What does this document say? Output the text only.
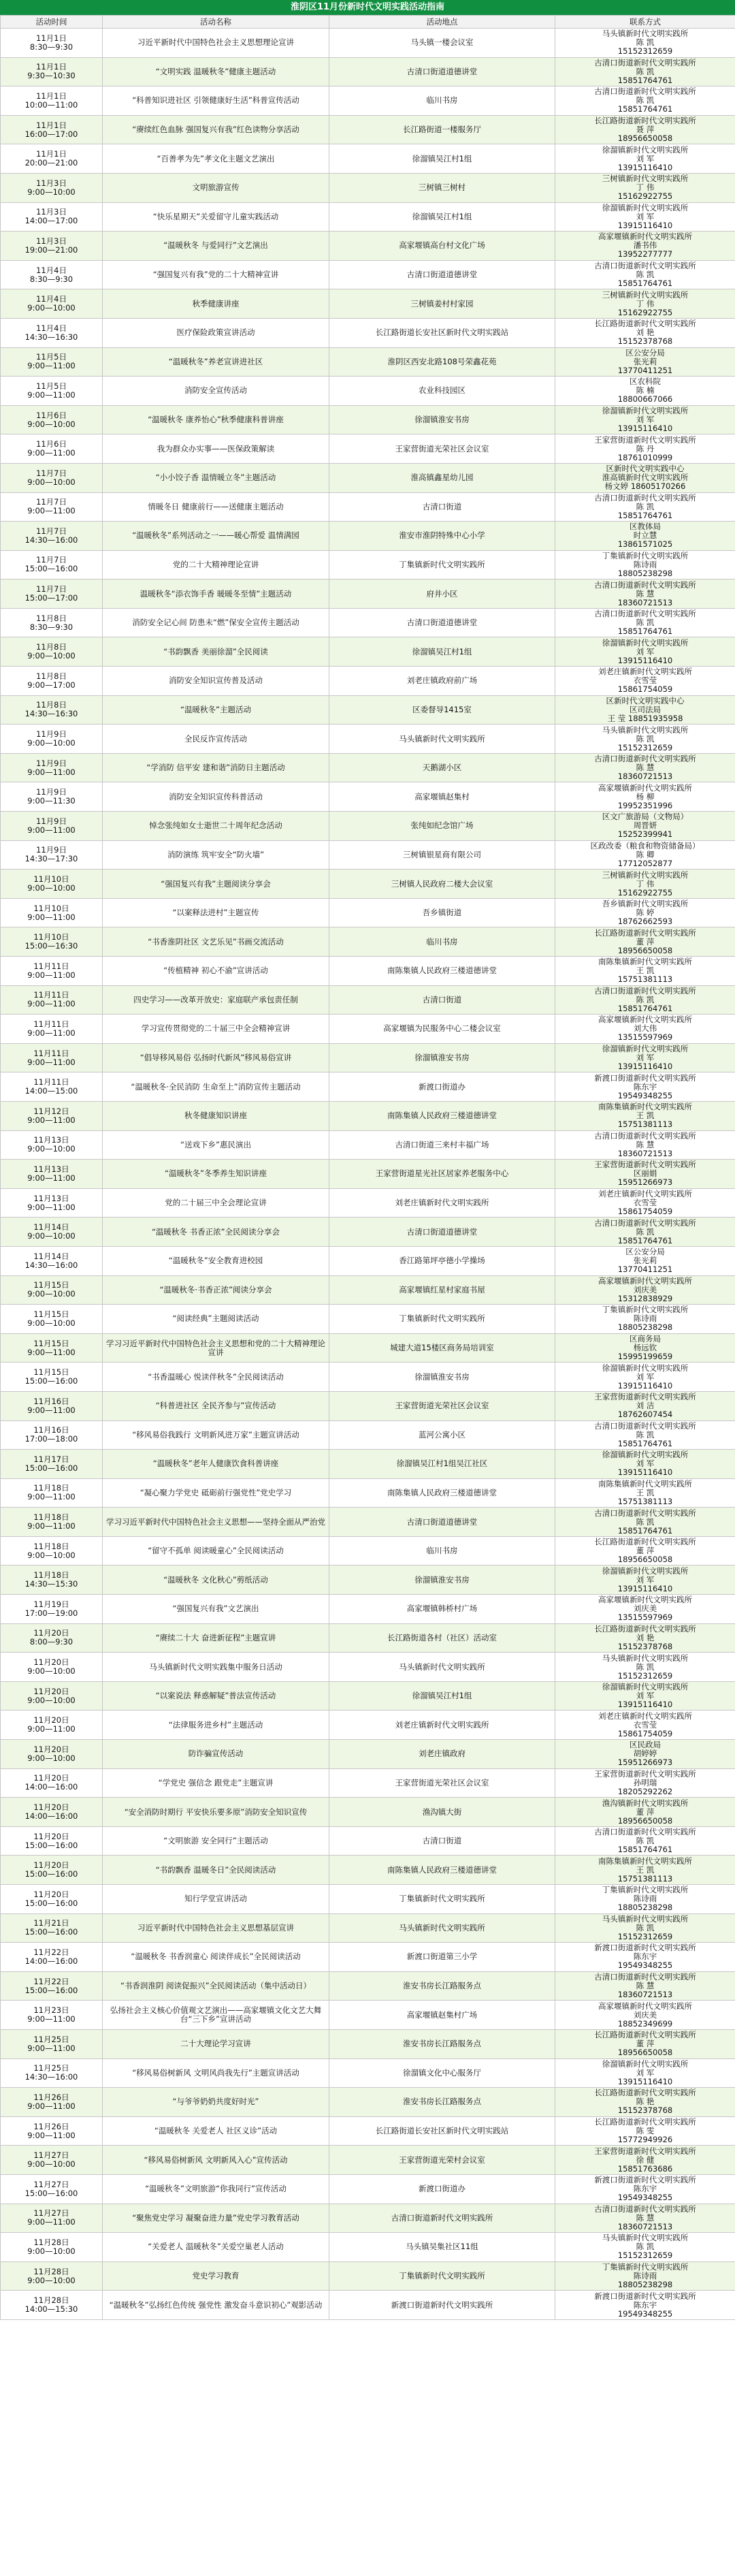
淮阴区11月份新时代文明实践活动指南
活动时间	活动名称	活动地点	联系方式

11月1日
8:30—9:30	习近平新时代中国特色社会主义思想理论宣讲	马头镇一楼会议室	马头镇新时代文明实践所
陈 凯
15152312659

11月1日
9:30—10:30	“文明实践 温暖秋冬”健康主题活动	古清口街道道德讲堂	古清口街道新时代文明实践所
陈 凯
15851764761

11月1日
10:00—11:00	“科普知识进社区 引领健康好生活”科普宣传活动	临川书房	古清口街道新时代文明实践所
陈 凯
15851764761

11月1日
16:00—17:00	“赓续红色血脉 强国复兴有我”红色读物分享活动	长江路街道一楼服务厅	长江路街道新时代文明实践所
聂 萍
18956650058

11月1日
20:00—21:00	“百善孝为先”孝文化主题文艺演出	徐溜镇吴江村1组	徐溜镇新时代文明实践所
刘 军
13915116410

11月3日
9:00—10:00	文明旅游宣传	三树镇三树村	三树镇新时代文明实践所
丁 伟
15162922755

11月3日
14:00—17:00	“快乐星期天”关爱留守儿童实践活动	徐溜镇吴江村1组	徐溜镇新时代文明实践所
刘 军
13915116410

11月3日
19:00—21:00	“温暖秋冬 与爱同行”文艺演出	高家堰镇高台村文化广场	高家堰镇新时代文明实践所
潘书伟
13952277777

11月4日
8:30—9:30	“强国复兴有我”党的二十大精神宣讲	古清口街道道德讲堂	古清口街道新时代文明实践所
陈 凯
15851764761

11月4日
9:00—10:00	秋季健康讲座	三树镇姜村村家园	三树镇新时代文明实践所
丁 伟
15162922755

11月4日
14:30—16:30	医疗保险政策宣讲活动	长江路街道长安社区新时代文明实践站	长江路街道新时代文明实践所
刘 艳
15152378768

11月5日
9:00—11:00	“温暖秋冬”养老宣讲进社区	淮阴区西安北路108号荣鑫花苑	区公安分局
张光莉
13770411251

11月5日
9:00—11:00	消防安全宣传活动	农业科技园区	区农科院
陈 楠
18800667066

11月6日
9:00—10:00	“温暖秋冬 康养怡心”秋季健康科普讲座	徐溜镇淮安书房	徐溜镇新时代文明实践所
刘 军
13915116410

11月6日
9:00—11:00	我为群众办实事——医保政策解读	王家营街道光荣社区会议室	王家营街道新时代文明实践所
陈 丹
18761010999

11月7日
9:00—10:00	“小小饺子香 温情暖立冬”主题活动	淮高镇鑫星幼儿园	区新时代文明实践中心
淮高镇新时代文明实践所
杨文婷 18605170266

11月7日
9:00—11:00	情暖冬日 健康前行——送健康主题活动	古清口街道	古清口街道新时代文明实践所
陈 凯
15851764761

11月7日
14:30—16:00	“温暖秋冬”系列活动之一——暖心帮爱 温情满园	淮安市淮阴特殊中心小学	区教体局
时立慧
13861571025

11月7日
15:00—16:00	党的二十大精神理论宣讲	丁集镇新时代文明实践所	丁集镇新时代文明实践所
陈诗雨
18805238298

11月7日
15:00—17:00	温暖秋冬“添衣饰手香 暖暖冬至情”主题活动	府井小区	古清口街道新时代文明实践所
陈 慧
18360721513

11月8日
8:30—9:30	消防安全记心间 防患未“燃”保安全宣传主题活动	古清口街道道德讲堂	古清口街道新时代文明实践所
陈 凯
15851764761

11月8日
9:00—10:00	“书韵飘香 美丽徐溜”全民阅读	徐溜镇吴江村1组	徐溜镇新时代文明实践所
刘 军
13915116410

11月8日
9:00—17:00	消防安全知识宣传普及活动	刘老庄镇政府前广场	刘老庄镇新时代文明实践所
衣雪莹
15861754059

11月8日
14:30—16:30	“温暖秋冬”主题活动	区委督导1415室	区新时代文明实践中心
区司法局
王 莹 18851935958

11月9日
9:00—10:00	全民反诈宣传活动	马头镇新时代文明实践所	马头镇新时代文明实践所
陈 凯
15152312659

11月9日
9:00—11:00	“学消防 信平安 建和谐”消防日主题活动	天鹅湖小区	古清口街道新时代文明实践所
陈 慧
18360721513

11月9日
9:00—11:30	消防安全知识宣传科普活动	高家堰镇赵集村	高家堰镇新时代文明实践所
杨 柳
19952351996

11月9日
9:00—11:00	悼念张纯如女士逝世二十周年纪念活动	张纯如纪念馆广场	区文广旅游局（文物局）
周晋妍
15252399941

11月9日
14:30—17:30	消防演练 筑牢安全“防火墙”	三树镇银星商有限公司	区政改委（粮食和物资储备局）
陈 卿
17712052877

11月10日
9:00—10:00	“强国复兴有我”主题阅读分享会	三树镇人民政府二楼大会议室	三树镇新时代文明实践所
丁 伟
15162922755

11月10日
9:00—11:00	“以案释法进村”主题宣传	吾乡镇街道	吾乡镇新时代文明实践所
陈 婷
18762662593

11月10日
15:00—16:30	“书香淮阴社区 文艺乐见”书画交流活动	临川书房	长江路街道新时代文明实践所
董 萍
18956650058

11月11日
9:00—11:00	“传植精神 初心不渝”宣讲活动	南陈集镇人民政府三楼道德讲堂	南陈集镇新时代文明实践所
王 凯
15751381113

11月11日
9:00—11:00	四史学习——改革开放史：家庭联产承包责任制	古清口街道	古清口街道新时代文明实践所
陈 凯
15851764761

11月11日
9:00—11:00	学习宣传贯彻党的二十届三中全会精神宣讲	高家堰镇为民服务中心二楼会议室	高家堰镇新时代文明实践所
刘大伟
13515597969

11月11日
9:00—11:00	“倡导移风易俗 弘扬时代新风”移风易俗宣讲	徐溜镇淮安书房	徐溜镇新时代文明实践所
刘 军
13915116410

11月11日
14:00—15:00	“温暖秋冬·全民消防 生命至上”消防宣传主题活动	新渡口街道办	新渡口街道新时代文明实践所
陈东宇
19549348255

11月12日
9:00—11:00	秋冬健康知识讲座	南陈集镇人民政府三楼道德讲堂	南陈集镇新时代文明实践所
王 凯
15751381113

11月13日
9:00—10:00	“送戏下乡”惠民演出	古清口街道三来村丰福广场	古清口街道新时代文明实践所
陈 慧
18360721513

11月13日
9:00—11:00	“温暖秋冬”冬季养生知识讲座	王家营街道星光社区居家养老服务中心	王家营街道新时代文明实践所
区丽娟
15951266973

11月13日
9:00—11:00	党的二十届三中全会理论宣讲	刘老庄镇新时代文明实践所	刘老庄镇新时代文明实践所
衣雪莹
15861754059

11月14日
9:00—10:00	“温暖秋冬 书香正浓”全民阅读分享会	古清口街道道德讲堂	古清口街道新时代文明实践所
陈 凯
15851764761

11月14日
14:30—16:00	“温暖秋冬”安全教育进校园	香江路第坪亭德小学操场	区公安分局
张光莉
13770411251

11月15日
9:00—10:00	“温暖秋冬·书香正浓”阅读分享会	高家堰镇红星村家庭书屋	高家堰镇新时代文明实践所
刘庆美
15312838929

11月15日
9:00—10:00	“阅读经典”主题阅读活动	丁集镇新时代文明实践所	丁集镇新时代文明实践所
陈诗雨
18805238298

11月15日
9:00—11:00	学习习近平新时代中国特色社会主义思想和党的二十大精神理论宣讲	城建大道15楼区商务局培训室	区商务局
杨远钦
15995199659

11月15日
15:00—16:00	“书香温暖心 悦读伴秋冬”全民阅读活动	徐溜镇淮安书房	徐溜镇新时代文明实践所
刘 军
13915116410

11月16日
9:00—11:00	“科普进社区 全民齐参与”宣传活动	王家营街道光荣社区会议室	王家营街道新时代文明实践所
刘 洁
18762607454

11月16日
17:00—18:00	“移风易俗我践行 文明新风进万家”主题宣讲活动	蓝河公寓小区	古清口街道新时代文明实践所
陈 凯
15851764761

11月17日
15:00—16:00	“温暖秋冬”老年人健康饮食科普讲座	徐溜镇吴江村1组吴江社区	徐溜镇新时代文明实践所
刘 军
13915116410

11月18日
9:00—11:00	“凝心聚力学党史 砥砺前行强党性”党史学习	南陈集镇人民政府三楼道德讲堂	南陈集镇新时代文明实践所
王 凯
15751381113

11月18日
9:00—11:00	学习习近平新时代中国特色社会主义思想——坚持全面从严治党	古清口街道道德讲堂	古清口街道新时代文明实践所
陈 凯
15851764761

11月18日
9:00—10:00	“留守不孤单 阅读暖童心”全民阅读活动	临川书房	长江路街道新时代文明实践所
董 萍
18956650058

11月18日
14:30—15:30	“温暖秋冬 文化秋心”剪纸活动	徐溜镇淮安书房	徐溜镇新时代文明实践所
刘 军
13915116410

11月19日
17:00—19:00	“强国复兴有我”文艺演出	高家堰镇韩桥村广场	高家堰镇新时代文明实践所
刘庆美
13515597969

11月20日
8:00—9:30	“赓续二十大 奋进新征程”主题宣讲	长江路街道各村（社区）活动室	长江路街道新时代文明实践所
刘 艳
15152378768

11月20日
9:00—10:00	马头镇新时代文明实践集中服务日活动	马头镇新时代文明实践所	马头镇新时代文明实践所
陈 凯
15152312659

11月20日
9:00—10:00	“以案说法 释惑解疑”普法宣传活动	徐溜镇吴江村1组	徐溜镇新时代文明实践所
刘 军
13915116410

11月20日
9:00—11:00	“法律服务进乡村”主题活动	刘老庄镇新时代文明实践所	刘老庄镇新时代文明实践所
衣雪莹
15861754059

11月20日
9:00—10:00	防诈骗宣传活动	刘老庄镇政府	区民政局
胡婷婷
15951266973

11月20日
14:00—16:00	“学党史 强信念 跟党走”主题宣讲	王家营街道光荣社区会议室	王家营街道新时代文明实践所
孙明瑞
18205292262

11月20日
14:00—16:00	“安全消防时期行 平安快乐要多原”消防安全知识宣传	渔沟镇大街	渔沟镇新时代文明实践所
董 萍
18956650058

11月20日
15:00—16:00	“文明旅游 安全同行”主题活动	古清口街道	古清口街道新时代文明实践所
陈 凯
15851764761

11月20日
15:00—16:00	“书韵飘香 温暖冬日”全民阅读活动	南陈集镇人民政府三楼道德讲堂	南陈集镇新时代文明实践所
王 凯
15751381113

11月20日
15:00—16:00	知行学堂宣讲活动	丁集镇新时代文明实践所	丁集镇新时代文明实践所
陈诗雨
18805238298

11月21日
15:00—16:00	习近平新时代中国特色社会主义思想基层宣讲	马头镇新时代文明实践所	马头镇新时代文明实践所
陈 凯
15152312659

11月22日
14:00—16:00	“温暖秋冬 书香润童心 阅读伴成长”全民阅读活动	新渡口街道第三小学	新渡口街道新时代文明实践所
陈东宇
19549348255

11月22日
15:00—16:00	“书香润淮阴 阅读促振兴”全民阅读活动（集中活动日）	淮安书房长江路服务点	古清口街道新时代文明实践所
陈 慧
18360721513

11月23日
9:00—11:00	弘扬社会主义核心价值观文艺演出——高家堰镇文化文艺大舞台“三下乡”宣讲活动	高家堰镇赵集村广场	高家堰镇新时代文明实践所
刘庆美
18852349699

11月25日
9:00—11:00	二十大理论学习宣讲	淮安书房长江路服务点	长江路街道新时代文明实践所
董 萍
18956650058

11月25日
14:30—16:00	“移风易俗树新风 文明风尚我先行”主题宣讲活动	徐溜镇文化中心服务厅	徐溜镇新时代文明实践所
刘 军
13915116410

11月26日
9:00—11:00	“与爷爷奶奶共度好时光”	淮安书房长江路服务点	长江路街道新时代文明实践所
陈 艳
15152378768

11月26日
9:00—11:00	“温暖秋冬 关爱老人 社区义诊”活动	长江路街道长安社区新时代文明实践站	长江路街道新时代文明实践所
陈 雯
15772949926

11月27日
9:00—10:00	“移风易俗树新风 文明新风入心”宣传活动	王家营街道光荣村会议室	王家营街道新时代文明实践所
徐 健
15851763686

11月27日
15:00—16:00	“温暖秋冬”文明旅游“你我同行”宣传活动	新渡口街道办	新渡口街道新时代文明实践所
陈东宇
19549348255

11月27日
9:00—11:00	“聚焦党史学习 凝聚奋进力量”党史学习教育活动	古清口街道新时代文明实践所	古清口街道新时代文明实践所
陈 慧
18360721513

11月28日
9:00—10:00	“关爱老人 温暖秋冬”关爱空巢老人活动	马头镇吴集社区11组	马头镇新时代文明实践所
陈 凯
15152312659

11月28日
9:00—10:00	党史学习教育	丁集镇新时代文明实践所	丁集镇新时代文明实践所
陈诗雨
18805238298

11月28日
14:00—15:30	“温暖秋冬”弘扬红色传统 强党性 激发奋斗意识初心”观影活动	新渡口街道新时代文明实践所	新渡口街道新时代文明实践所
陈东宇
19549348255
